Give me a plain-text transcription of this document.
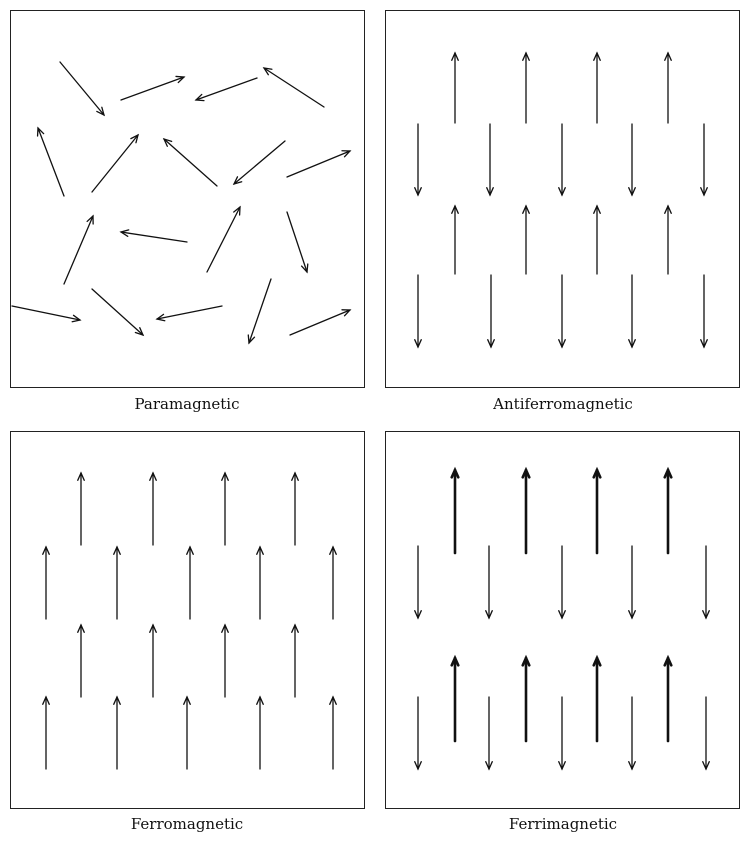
Paramagnetic	Antiferromagnetic
Ferromagnetic	Ferrimagnetic
